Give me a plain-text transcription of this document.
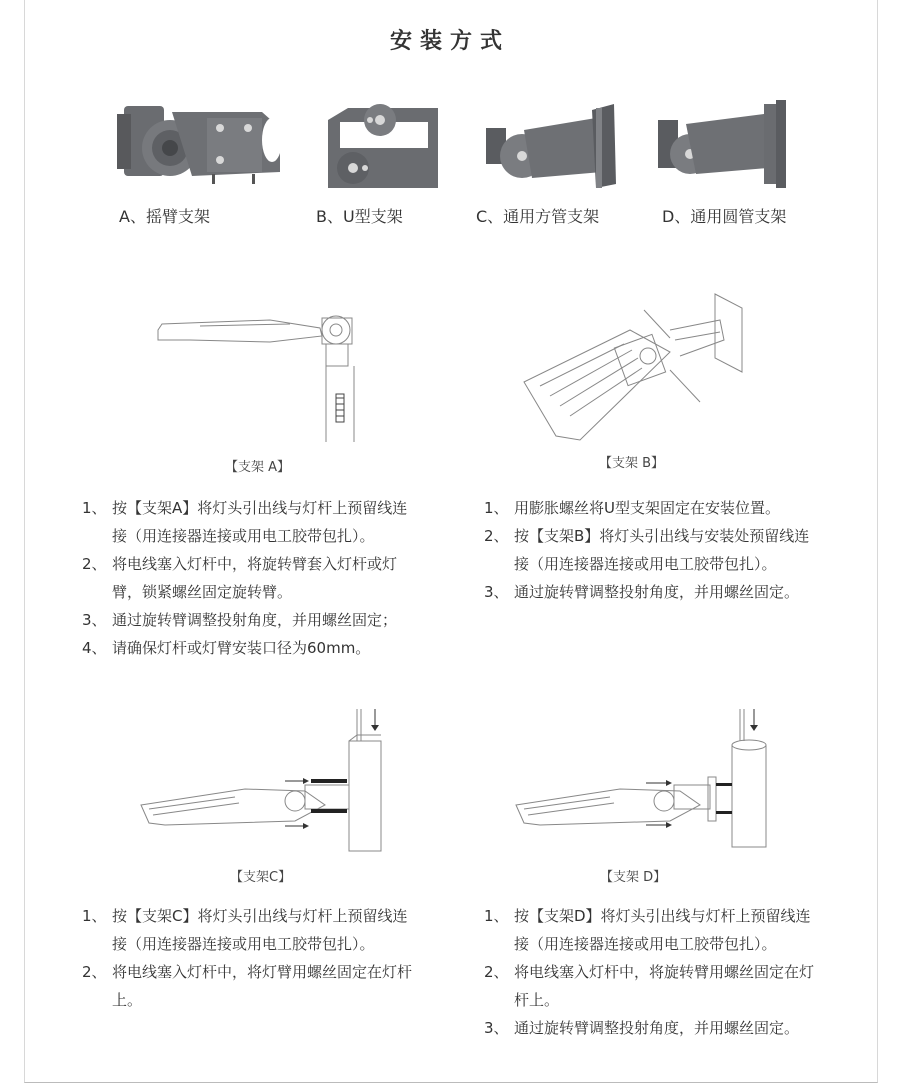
安装方式
A、摇臂支架	B、U型支架	C、通用方管支架	D、通用圆管支架
【支架 A】	【支架 B】
1、 按【支架A】将灯头引出线与灯杆上预留线连接（用连接器连接或用电工胶带包扎）。
2、 将电线塞入灯杆中，将旋转臂套入灯杆或灯臂，锁紧螺丝固定旋转臂。
3、 通过旋转臂调整投射角度，并用螺丝固定；
4、 请确保灯杆或灯臂安装口径为60mm。
1、 用膨胀螺丝将U型支架固定在安装位置。
2、 按【支架B】将灯头引出线与安装处预留线连接（用连接器连接或用电工胶带包扎）。
3、 通过旋转臂调整投射角度，并用螺丝固定。
【支架C】	【支架 D】
1、 按【支架C】将灯头引出线与灯杆上预留线连接（用连接器连接或用电工胶带包扎）。
2、 将电线塞入灯杆中，将灯臂用螺丝固定在灯杆上。
1、 按【支架D】将灯头引出线与灯杆上预留线连接（用连接器连接或用电工胶带包扎）。
2、 将电线塞入灯杆中，将旋转臂用螺丝固定在灯杆上。
3、 通过旋转臂调整投射角度，并用螺丝固定。
